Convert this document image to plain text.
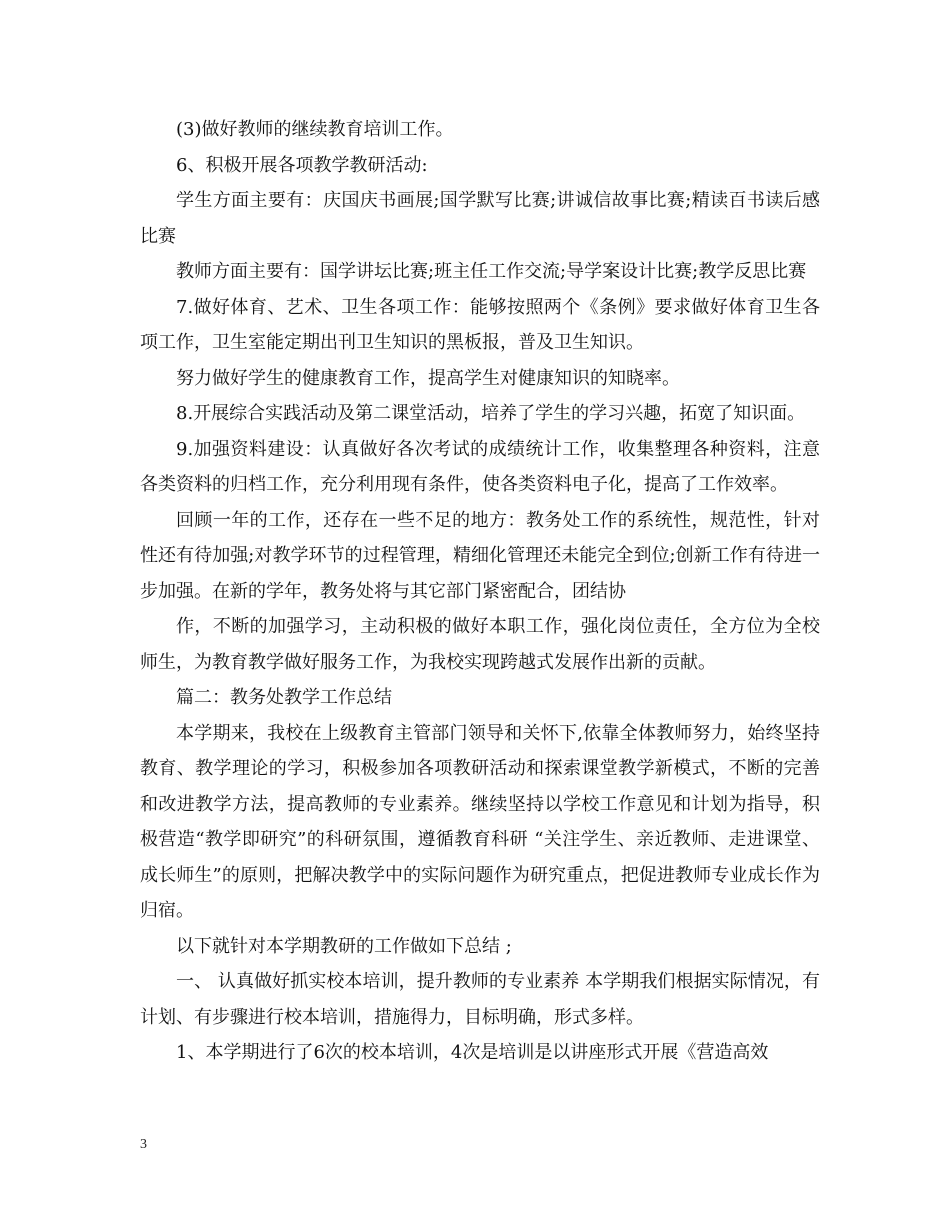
(3)做好教师的继续教育培训工作。

6、积极开展各项教学教研活动:

学生方面主要有：庆国庆书画展;国学默写比赛;讲诚信故事比赛;精读百书读后感比赛

教师方面主要有：国学讲坛比赛;班主任工作交流;导学案设计比赛;教学反思比赛

7.做好体育、艺术、卫生各项工作：能够按照两个《条例》要求做好体育卫生各项工作，卫生室能定期出刊卫生知识的黑板报，普及卫生知识。

努力做好学生的健康教育工作，提高学生对健康知识的知晓率。

8.开展综合实践活动及第二课堂活动，培养了学生的学习兴趣，拓宽了知识面。

9.加强资料建设：认真做好各次考试的成绩统计工作，收集整理各种资料，注意各类资料的归档工作，充分利用现有条件，使各类资料电子化，提高了工作效率。

回顾一年的工作，还存在一些不足的地方：教务处工作的系统性，规范性，针对性还有待加强;对教学环节的过程管理，精细化管理还未能完全到位;创新工作有待进一步加强。在新的学年，教务处将与其它部门紧密配合，团结协

作，不断的加强学习，主动积极的做好本职工作，强化岗位责任，全方位为全校师生，为教育教学做好服务工作，为我校实现跨越式发展作出新的贡献。

篇二：教务处教学工作总结

本学期来，我校在上级教育主管部门领导和关怀下,依靠全体教师努力，始终坚持教育、教学理论的学习，积极参加各项教研活动和探索课堂教学新模式，不断的完善和改进教学方法，提高教师的专业素养。继续坚持以学校工作意见和计划为指导，积极营造“教学即研究”的科研氛围，遵循教育科研 “关注学生、亲近教师、走进课堂、成长师生”的原则，把解决教学中的实际问题作为研究重点，把促进教师专业成长作为归宿。

以下就针对本学期教研的工作做如下总结 ;

一、 认真做好抓实校本培训，提升教师的专业素养 本学期我们根据实际情况，有计划、有步骤进行校本培训，措施得力，目标明确，形式多样。

1、本学期进行了6次的校本培训，4次是培训是以讲座形式开展《营造高效

3
